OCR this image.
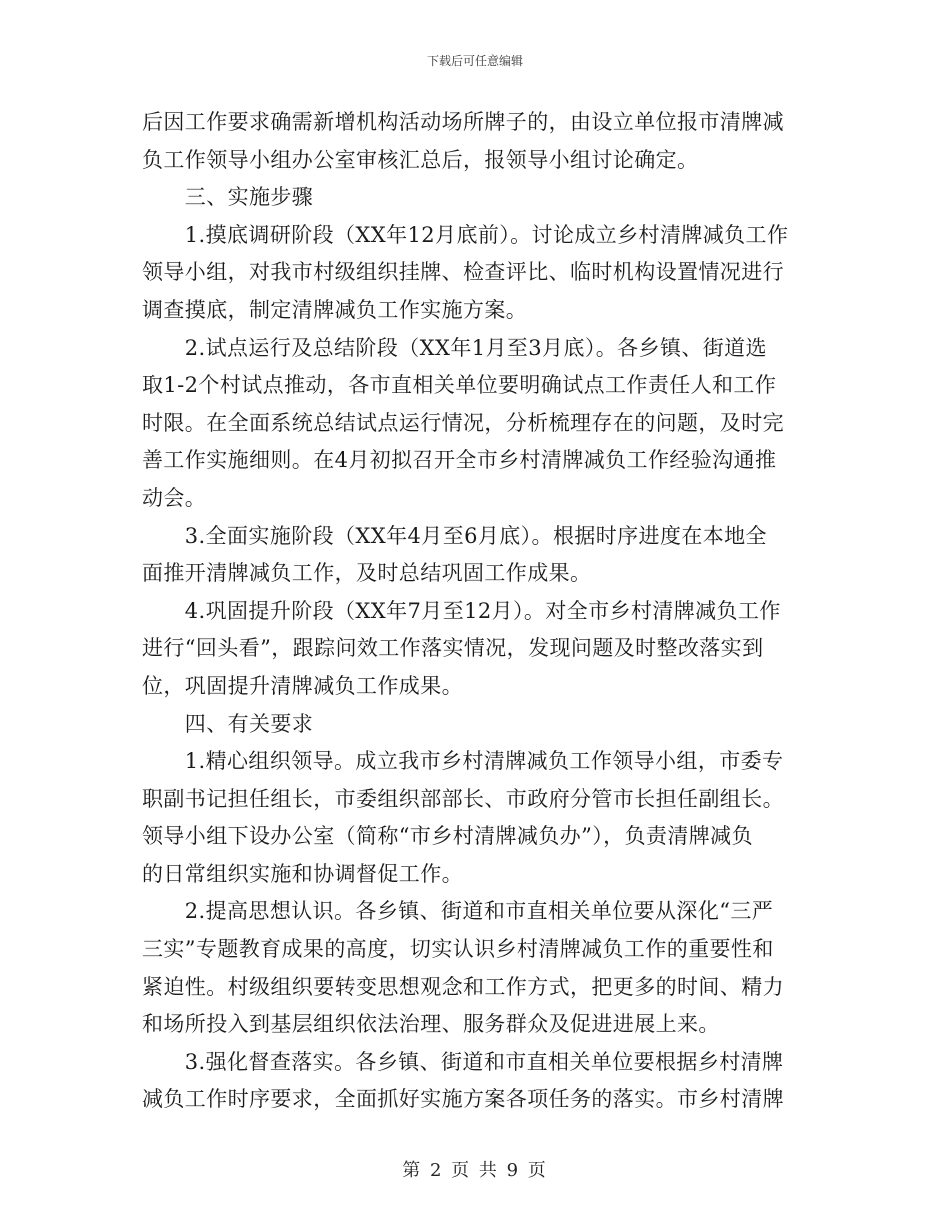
下载后可任意编辑
后因工作要求确需新增机构活动场所牌子的，由设立单位报市清牌减
负工作领导小组办公室审核汇总后，报领导小组讨论确定。
　　三、实施步骤
　　1.摸底调研阶段（XX年12月底前）。讨论成立乡村清牌减负工作
领导小组，对我市村级组织挂牌、检查评比、临时机构设置情况进行
调查摸底，制定清牌减负工作实施方案。
　　2.试点运行及总结阶段（XX年1月至3月底）。各乡镇、街道选
取1-2个村试点推动，各市直相关单位要明确试点工作责任人和工作
时限。在全面系统总结试点运行情况，分析梳理存在的问题，及时完
善工作实施细则。在4月初拟召开全市乡村清牌减负工作经验沟通推
动会。
　　3.全面实施阶段（XX年4月至6月底）。根据时序进度在本地全
面推开清牌减负工作，及时总结巩固工作成果。
　　4.巩固提升阶段（XX年7月至12月）。对全市乡村清牌减负工作
进行“回头看”，跟踪问效工作落实情况，发现问题及时整改落实到
位，巩固提升清牌减负工作成果。
　　四、有关要求
　　1.精心组织领导。成立我市乡村清牌减负工作领导小组，市委专
职副书记担任组长，市委组织部部长、市政府分管市长担任副组长。
领导小组下设办公室（简称“市乡村清牌减负办”），负责清牌减负
的日常组织实施和协调督促工作。
　　2.提高思想认识。各乡镇、街道和市直相关单位要从深化“三严
三实”专题教育成果的高度，切实认识乡村清牌减负工作的重要性和
紧迫性。村级组织要转变思想观念和工作方式，把更多的时间、精力
和场所投入到基层组织依法治理、服务群众及促进进展上来。
　　3.强化督查落实。各乡镇、街道和市直相关单位要根据乡村清牌
减负工作时序要求，全面抓好实施方案各项任务的落实。市乡村清牌
第 2 页 共 9 页
